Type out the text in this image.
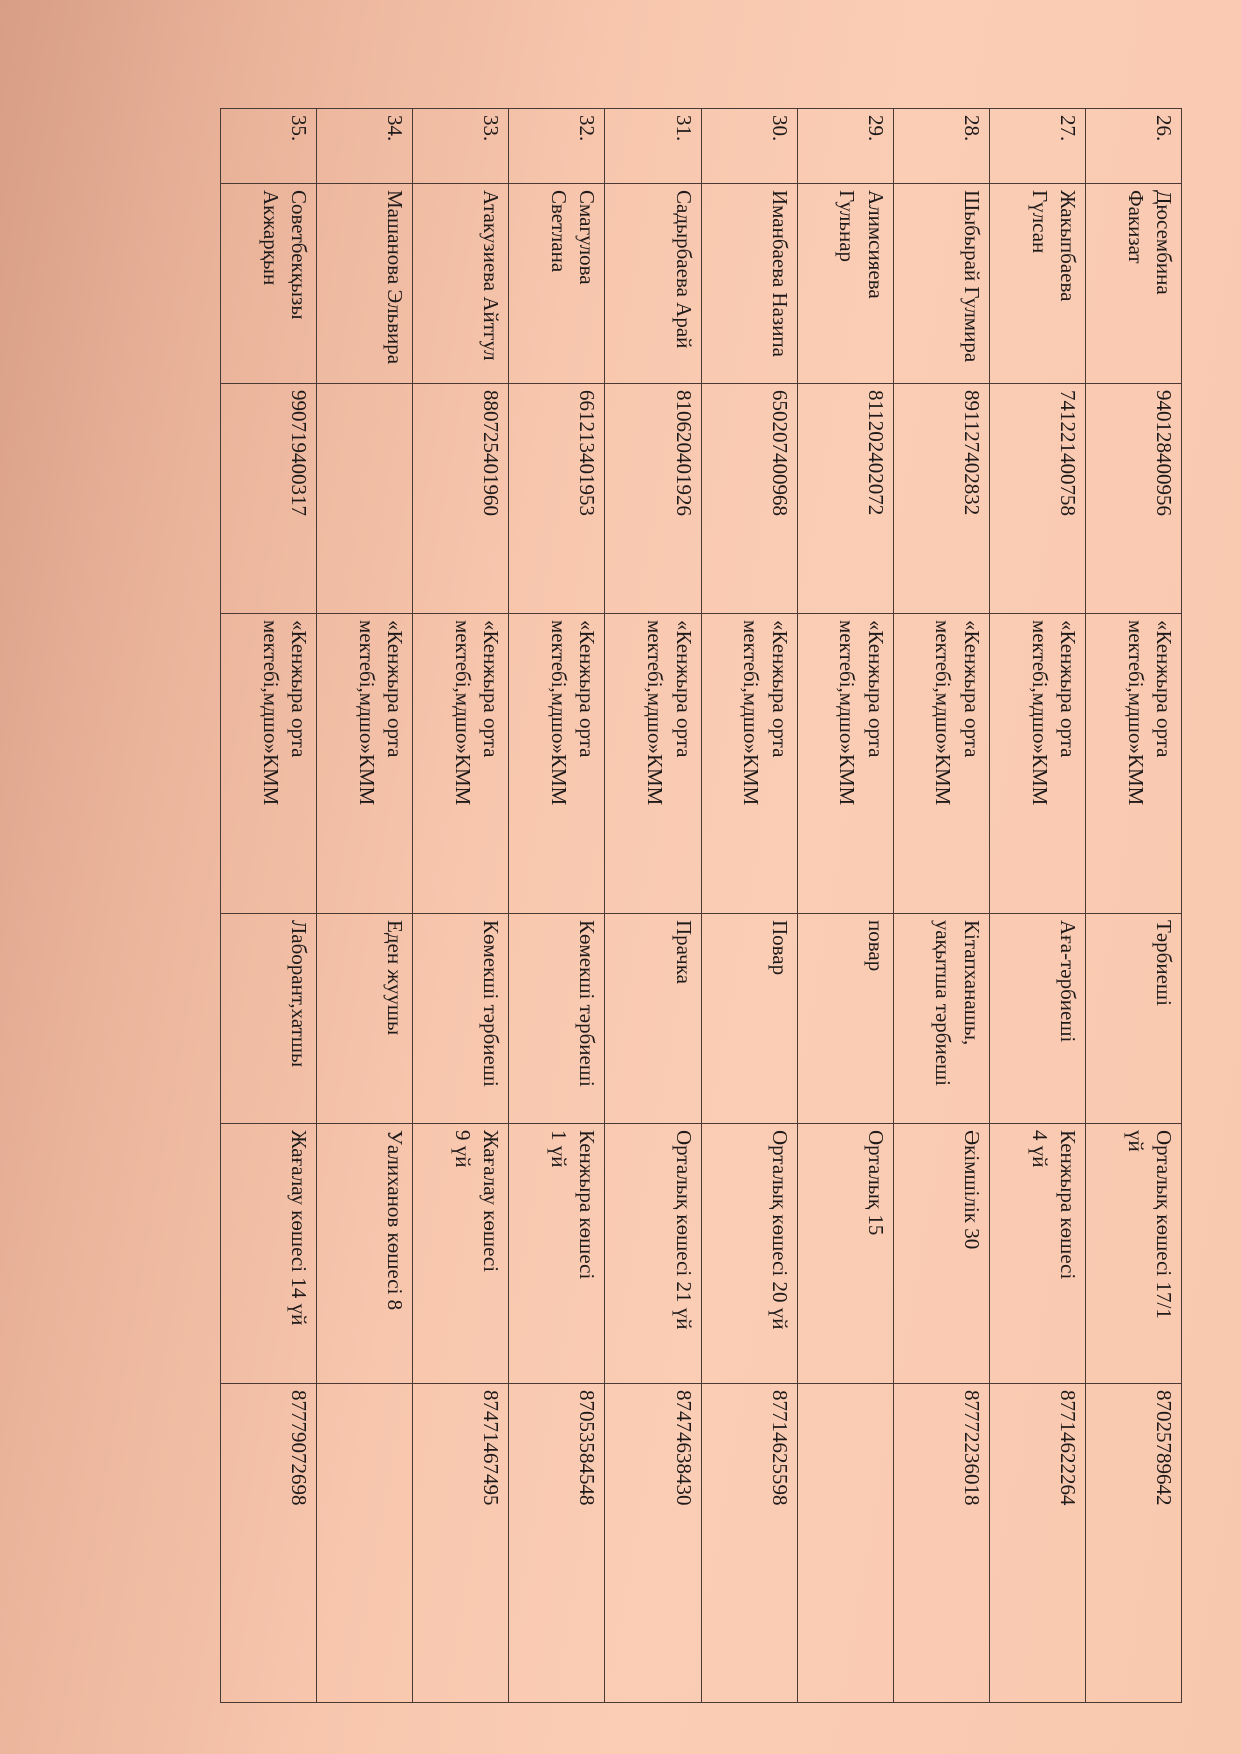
26.	Дюсембина
Факизат	940128400956	«Кенжыра орта
мектебі,мдшо»КММ	Тәрбиеші	Орталық көшесі 17/1
үй	87025789642
27.	Жакыпбаева
Гүлсан	741221400758	«Кенжыра орта
мектебі,мдшо»КММ	Аға-тәрбиеші	Кенжыра көшесі
4 үй	87714622264
28.	Шыбырай Гулмира	891127402832	«Кенжыра орта
мектебі,мдшо»КММ	Кітапханашы,
уақытша тәрбиеші	Әкімшілік 30	87772236018
29.	Алимсияева
Гульнар	811202402072	«Кенжыра орта
мектебі,мдшо»КММ	повар	Орталық 15	
30.	Иманбаева Назипа	650207400968	«Кенжыра орта
мектебі,мдшо»КММ	Повар	Орталық көшесі 20 үй	87714625598
31.	Садырбаева Арай	810620401926	«Кенжыра орта
мектебі,мдшо»КММ	Прачка	Орталық көшесі 21 үй	87474638430
32.	Смагулова
Светлана	661213401953	«Кенжыра орта
мектебі,мдшо»КММ	Көмекші тәрбиеші	Кенжыра көшесі
1 үй	87053584548
33.	Атакузиева Айтгул	880725401960	«Кенжыра орта
мектебі,мдшо»КММ	Көмекші тәрбиеші	Жағалау көшесі
9 үй	87471467495
34.	Машанова Эльвира		«Кенжыра орта
мектебі,мдшо»КММ	Еден жуушы	Уалиханов көшесі 8	
35.	Советбекқызы
Акжарқын	990719400317	«Кенжыра орта
мектебі,мдшо»КММ	Лаборант,хатшы	Жағалау көшесі 14 үй	87779072698
